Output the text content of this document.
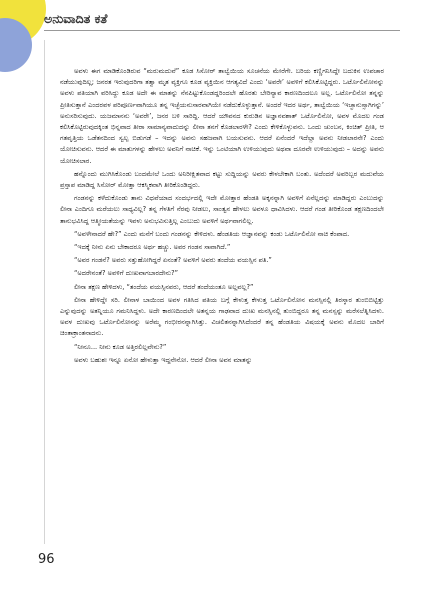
ಅನುವಾದಿತ ಕತೆ

ಅವಳು ಈಗ ಮಾಡಿಕೊಂಡಿರುವ “ಮರುಮದುವೆ” ಕೂಡ ಸಿಸೋರ್ ತಾಲ್ವೆಯಿಯ ಸೂಚನೆಯ ಮೇರೆಗೇ. ಬರಿಯ ಕಣ್ಣಿಗನಿಸಿದ್ದೇ ಬದುಕಿನ ಉಪಚಾರ ನಡೆಯುವುದಿಲ್ಲ; ಜನರತ ಇರುವುದರಿಗಾ ತತ್ವಾ ಮೃತ ವ್ಯಕ್ತಿಗೂ ಕೂಡ ವ್ಯಕ್ತಿಯಿನ ಆಗತ್ಯವಿದೆ ಎಂದು ‘ಅವರೇ’ ಅವಳಿಗೆ ಕಲಿಸಿಕೊಟ್ಟಿದ್ದರು. ಒರ್ಟೊಲಿನೋನನ್ನು ಅವಳು ಪತಿಯಾಗಿ ವರಿಸಿದ್ದು ಕೂಡ ಅದೇ ಈ ಮಾತನ್ನು ನೆನಪಿಟ್ಟುಕೊಂಡದ್ದರಿಂದಲೇ ಹೊರತು ಬೇರಿನ್ಯಾವ ಕಾರಣದಿಂದಲೂ ಅಲ್ಲ. ಒರ್ಟೊಲಿನೋ ತನ್ನನ್ನು ಪ್ರೀತಿಸುತ್ತಾನೆ ಎಂದರವಳ ಪರಿಪೂರ್ಣವಾಗಿಯೂ ತನ್ನ ಇಚ್ಛೆಯನುಸಾರವಾಗಿಯೇ ನಡೆದುಕೊಳ್ಳುತ್ತಾನೆ. ಅಂದರೆ ಇದರ ಅರ್ಥ, ತಾಲ್ವೆಯಿಯ ‘ಇಚ್ಛಾನುಸ್ಸಾಗಿಗನ್ನು’ ಅನುಸರಿಸುವುದು. ಯಜಮಾನನು ‘ಅವರೇ’, ಜನರ ಬಳಿ ಸಾರಿದ್ದಿ. ಆದರೆ ಯೌವನದ ಕುರುಡಿನ ಅಜ್ಞಾನವಶಾತ್ ಒರ್ಟೊಲಿನೋ, ಅವಳ ಮೊದಲ ಗಂಡ ಕಲಿಸಿಕೊಟ್ಟಿರುವುದಕ್ಕಿಂತ ಭಿನ್ನವಾದ ತೀರಾ ಸಾಮಾನ್ಯವಾದುದನ್ನು ಲೀನಾ ತನಗೆ ಕೊಡಲಾರಳೇ? ಎಂದು ಕೇಳಿಕೊಳ್ಳುವನು. ಒಂದು ಚುಂಬನ, ಕಿಂಚಿತ್ ಪ್ರೀತಿ, ಆ ಗತವೃತ್ತಿಯ ಒಡೆತನದಿಂದ ಸ್ವಲ್ಪ ಬಿಡುಗಡೆ – ಇದನ್ನು ಅವನು ಸಹಜವಾಗಿ ಬಯಸುವನು. ಆದರೆ ಏನೆಂದರೆ ಇದೆಲ್ಲಾ ಅವನು ನೀಡಲಾರನೇ? ಎಂದು ಯೋಚಿಸುವನು. ಆದರೆ ಈ ಮಾತುಗಳನ್ನು ಹೇಳಲು ಅವನಿಗೆ ನಾಚಿಕೆ. ಇನ್ನು ಒಂಟಿಯಾಗಿ ಉಳಿಯುವುದು ಅಥವಾ ದೂರವೇ ಉಳಿಯುವುದು – ಅದನ್ನು ಅವನು ಯೋಚಿಸಲಾರ.

ಹನ್ನೊಂದು ಮುಗಿಸಿಕೊಂಡು ಬಂದಮೇಲೆ ಒಂದು ಅನಿರೀಕ್ಷಿತವಾದ ಕಟ್ಟು ಸುದ್ದಿಯನ್ನು ಅವರು ಕೇಳಬೇಕಾಗಿ ಬಂತು. ಅದೆಂದರೆ ಅವರಿಬ್ಬರ ಮದುವೆಯ ಪ್ರಸ್ತಾಪ ಮಾಡಿದ್ದ ಸಿಸೋರ್ ಮೋತ್ತಾ ಆಕಸ್ಮಿಕವಾಗಿ ತೀರಿಕೊಂಡಿದ್ದರು.

ಗಂಡನನ್ನು ಕಳೆದುಕೊಂಡು ತಾನು ವಿಧವೆಯಾದ ಸಂದರ್ಭದಲ್ಲಿ ಇದೇ ಮೋತ್ತಾರ ಹೆಂಡತಿ ಅಕ್ಕನನ್ನಾಗಿ ಅವಳಿಗೆ ಏನೆಲ್ಲದನ್ನು ಮಾಡಿದ್ದರು ಎಂಬುದನ್ನು ಲೀನಾ ಎಂದಿಗೂ ಮರೆಯಲು ಸಾಧ್ಯವಿಲ್ಲ? ತನ್ನ ಗೆಳತಿಗೆ ನೆರವು ನೀಡಲು, ಸಾಂತ್ವನ ಹೇಳಲು ಅವಳೂ ಧಾವಿಸಿದಳು. ಆದರೆ ಗಂಡ ತೀರಿಕೊಂಡ ತಕ್ಷಣದಿಂದಲೇ ತಾನುಭವಿಸಿದ್ದ ಆತ್ಮೀಯತೆಯನ್ನು ಇವಳು ಅನುಭವಿಸುತ್ತಿಲ್ಲ ಎಂಬುದು ಅವಳಿಗೆ ಅರ್ಥವಾಗಲಿಲ್ಲ.

“ಅವಳೇನಾದರೆ ಹೇ?” ಎಂದು ಮನೆಗೆ ಬಂದು ಗಂಡನನ್ನು ಕೇಳಿದಳು. ಹೆಂಡತಿಯ ಆಜ್ಞಾನವನ್ನು ಕಂಡು ಒರ್ಟೊಲಿನೋ ನಾಚಿ ಕೆಂಪಾದ.

“ಇದಕ್ಕೆ ನೀನು ಏನು ಬೇಕಾದರೂ ಅರ್ಥ ಹಚ್ಚು. ಅವರ ಗಂಡನ ಸಾವಾಗಿದೆ.”

“ಅವರ ಗಂಡನೆ? ಅವರು ಸತ್ತುಹೋಗಿದ್ದರೆ ಏನಂತೆ? ಅವಳಿಗೆ ಅವರು ತಂದೆಯ ವಯಸ್ಸಿನ ಪತಿ.”

“ಅದರೇನಂತೆ? ಅವಳಿಗೆ ದುಃಖವಾಗಬಾರದೇನು?”

ಲೀನಾ ತಕ್ಷಣ ಹೇಳಿದಳು, “ತಂದೆಯ ವಯಸ್ಸಿನವರು, ಆದರೆ ತಂದೆಯಂತೂ ಅಲ್ಲವಲ್ಲ?”

ಲೀನಾ ಹೇಳಿದ್ದೇ ಸರಿ. ಲೀನಾಳ ಬಾಯಿಂದ ಅವಳ ಗತಿಸಿದ ಪತಿಯ ಬಗ್ಗೆ ಕೇಳುತ್ತ ಕೇಳುತ್ತ ಒರ್ಟೊಲಿನೋನ ಮನಸ್ಸಿನಲ್ಲಿ ತಿರಸ್ಕಾರ ತುಂಬಿಬಿಟ್ಟಿತ್ತು ಎನ್ನುವುದನ್ನು ಅತನ್ನಿಯೂ ಗಮನಿಸಿದ್ದಳು. ಅದೇ ಕಾರಣದಿಂದಲೇ ಅತನ್ನಯ ಗಾಢವಾದ ದುಃಖ ಮನಸ್ಸಿನಲ್ಲಿ ತುಂಬಿದ್ದರೂ ತನ್ನ ಮನಸ್ಸನ್ನು ಮರೆಸಲೆತ್ನಿಸಿದಳು. ಅವಳ ದುಃಖವು ಒರ್ಟೊಲಿನೋನನ್ನು ಅರೆಮ್ಮ ಗಂಭೀರನನ್ನಾಗಿಸಿತ್ತು. ವಿಚಲಿತನನ್ನಾಗಿಸಿದೆಂದರೆ ತನ್ನ ಹೆಂಡತಿಯ ವಿಷಯಕ್ಕೆ ಅವನು ಮೊದಲ ಬಾರಿಗೆ ಚಿಂತಾಕ್ರಾಂತನಾದನು.

“ನೀನೂ... ನೀನು ಕೂಡ ಅತ್ತಿರಲಿಲ್ಲವೇನು?”

ಅವಳು ಬಹುಶಃ ಇನ್ನೂ ಏನೋ ಹೇಳುತ್ತಾ ಇದ್ದನೇನೋ. ಆದರೆ ಲೀನಾ ಅವನ ಮಾತನ್ನು

96
